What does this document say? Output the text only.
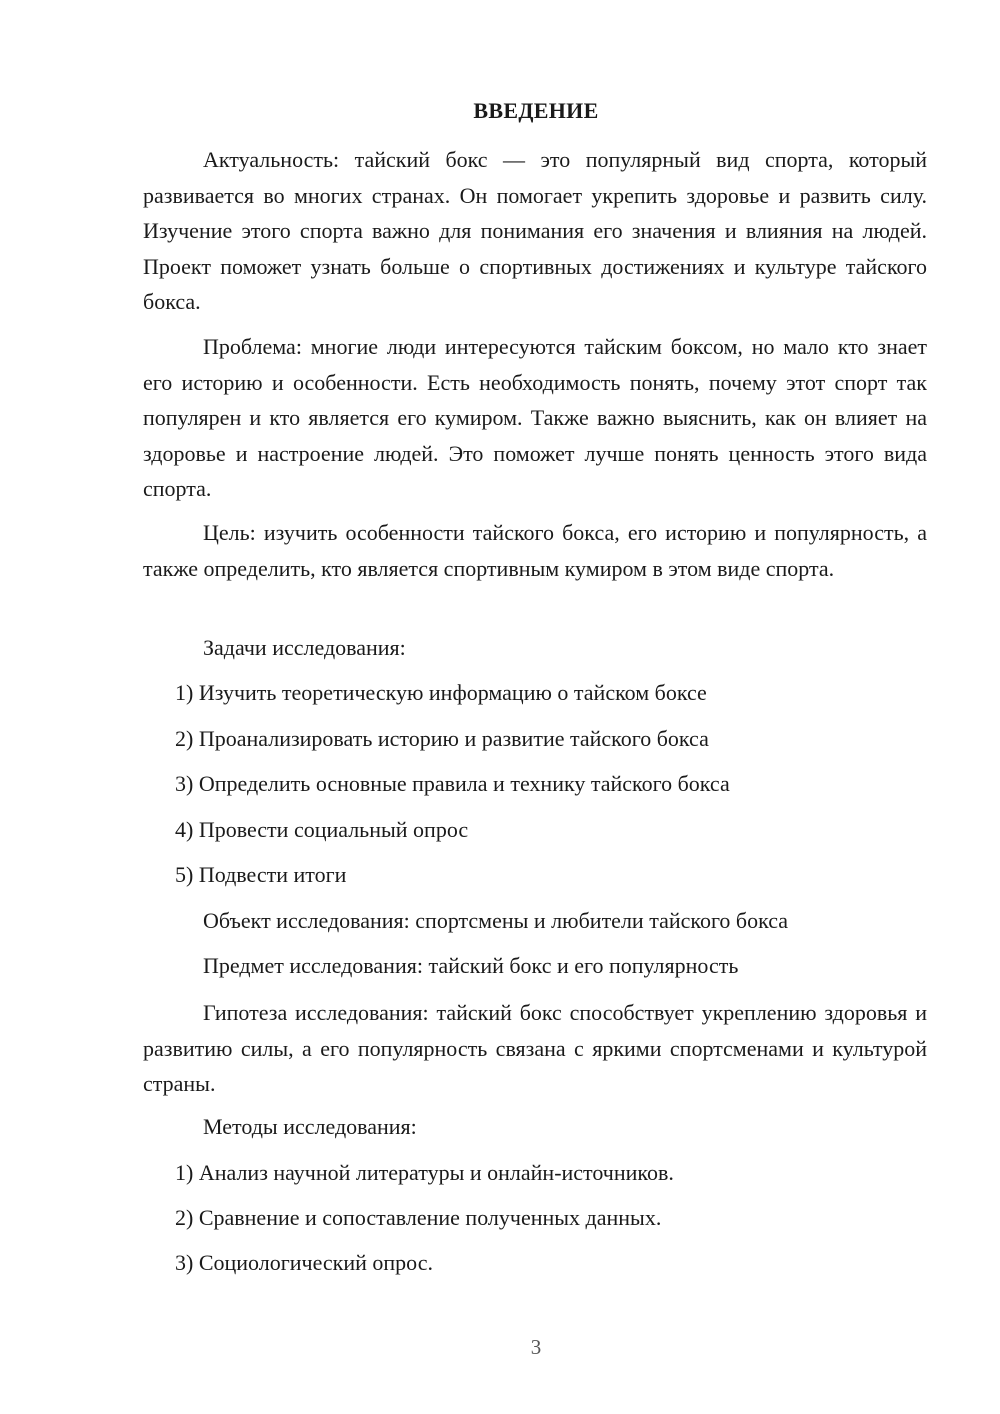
ВВЕДЕНИЕ

Актуальность: тайский бокс — это популярный вид спорта, который развивается во многих странах. Он помогает укрепить здоровье и развить силу. Изучение этого спорта важно для понимания его значения и влияния на людей. Проект поможет узнать больше о спортивных достижениях и культуре тайского бокса.

Проблема: многие люди интересуются тайским боксом, но мало кто знает его историю и особенности. Есть необходимость понять, почему этот спорт так популярен и кто является его кумиром. Также важно выяснить, как он влияет на здоровье и настроение людей. Это поможет лучше понять ценность этого вида спорта.

Цель: изучить особенности тайского бокса, его историю и популярность, а также определить, кто является спортивным кумиром в этом виде спорта.

Задачи исследования:

1) Изучить теоретическую информацию о тайском боксе

2) Проанализировать историю и развитие тайского бокса

3) Определить основные правила и технику тайского бокса

4) Провести социальный опрос

5) Подвести итоги

Объект исследования: спортсмены и любители тайского бокса

Предмет исследования: тайский бокс и его популярность

Гипотеза исследования: тайский бокс способствует укреплению здоровья и развитию силы, а его популярность связана с яркими спортсменами и культурой страны.

Методы исследования:

1) Анализ научной литературы и онлайн-источников.

2) Сравнение и сопоставление полученных данных.

3) Социологический опрос.

3
